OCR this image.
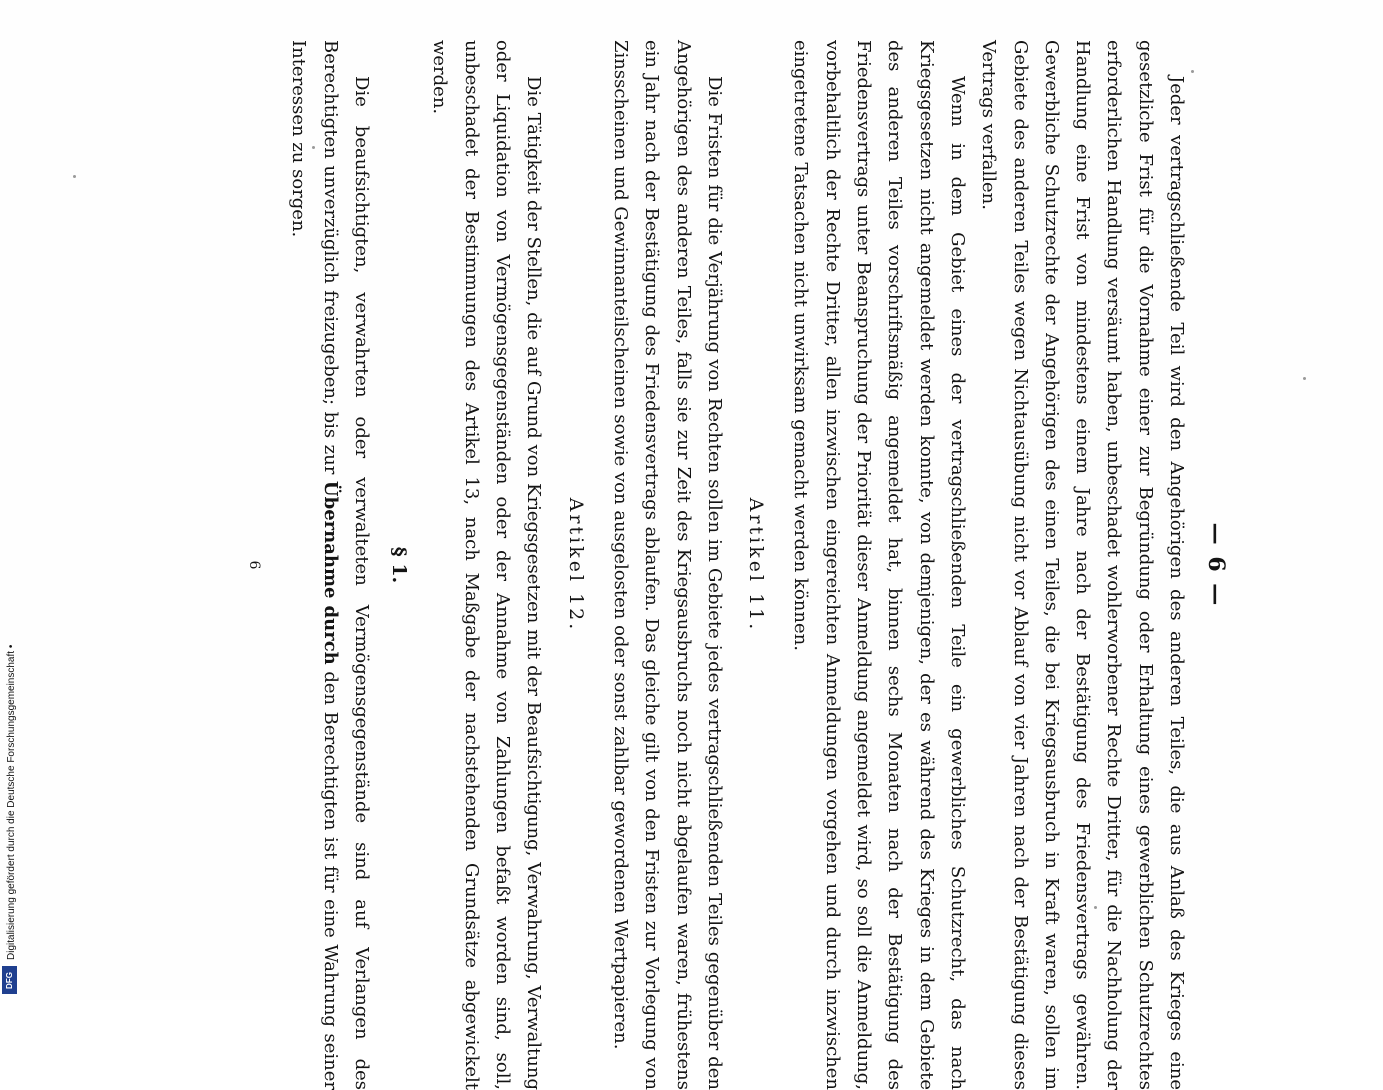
— 6 —

Jeder vertragschließende Teil wird den Angehörigen des anderen Teiles, die aus Anlaß des Krieges eine gesetzliche Frist für die Vornahme einer zur Begründung oder Erhaltung eines gewerblichen Schutzrechtes erforderlichen Handlung versäumt haben, unbeschadet wohlerworbener Rechte Dritter, für die Nachholung der Handlung eine Frist von mindestens einem Jahre nach der Bestätigung des Friedensvertrags gewähren. Gewerbliche Schutzrechte der Angehörigen des einen Teiles, die bei Kriegsausbruch in Kraft waren, sollen im Gebiete des anderen Teiles wegen Nichtausübung nicht vor Ablauf von vier Jahren nach der Bestätigung dieses Vertrags verfallen.

Wenn in dem Gebiet eines der vertragschließenden Teile ein gewerbliches Schutzrecht, das nach Kriegsgesetzen nicht angemeldet werden konnte, von demjenigen, der es während des Krieges in dem Gebiete des anderen Teiles vorschriftsmäßig angemeldet hat, binnen sechs Monaten nach der Bestätigung des Friedensvertrags unter Beanspruchung der Priorität dieser Anmeldung angemeldet wird, so soll die Anmeldung, vorbehaltlich der Rechte Dritter, allen inzwischen eingereichten Anmeldungen vorgehen und durch inzwischen eingetretene Tatsachen nicht unwirksam gemacht werden können.

Artikel 11.

Die Fristen für die Verjährung von Rechten sollen im Gebiete jedes vertragschließenden Teiles gegenüber den Angehörigen des anderen Teiles, falls sie zur Zeit des Kriegsausbruchs noch nicht abgelaufen waren, frühestens ein Jahr nach der Bestätigung des Friedensvertrags ablaufen. Das gleiche gilt von den Fristen zur Vorlegung von Zinsscheinen und Gewinnanteilscheinen sowie von ausgelosten oder sonst zahlbar gewordenen Wertpapieren.

Artikel 12.

Die Tätigkeit der Stellen, die auf Grund von Kriegsgesetzen mit der Beaufsichtigung, Verwahrung, Verwaltung oder Liquidation von Vermögensgegenständen oder der Annahme von Zahlungen befaßt worden sind, soll, unbeschadet der Bestimmungen des Artikel 13, nach Maßgabe der nachstehenden Grundsätze abgewickelt werden.

§ 1.

Die beaufsichtigten, verwahrten oder verwalteten Vermögensgegenstände sind auf Verlangen des Berechtigten unverzüglich freizugeben; bis zur Übernahme durch den Berechtigten ist für eine Wahrung seiner Interessen zu sorgen.

6
Digitalisierung gefördert durch die Deutsche Forschungsgemeinschaft •
DFG
